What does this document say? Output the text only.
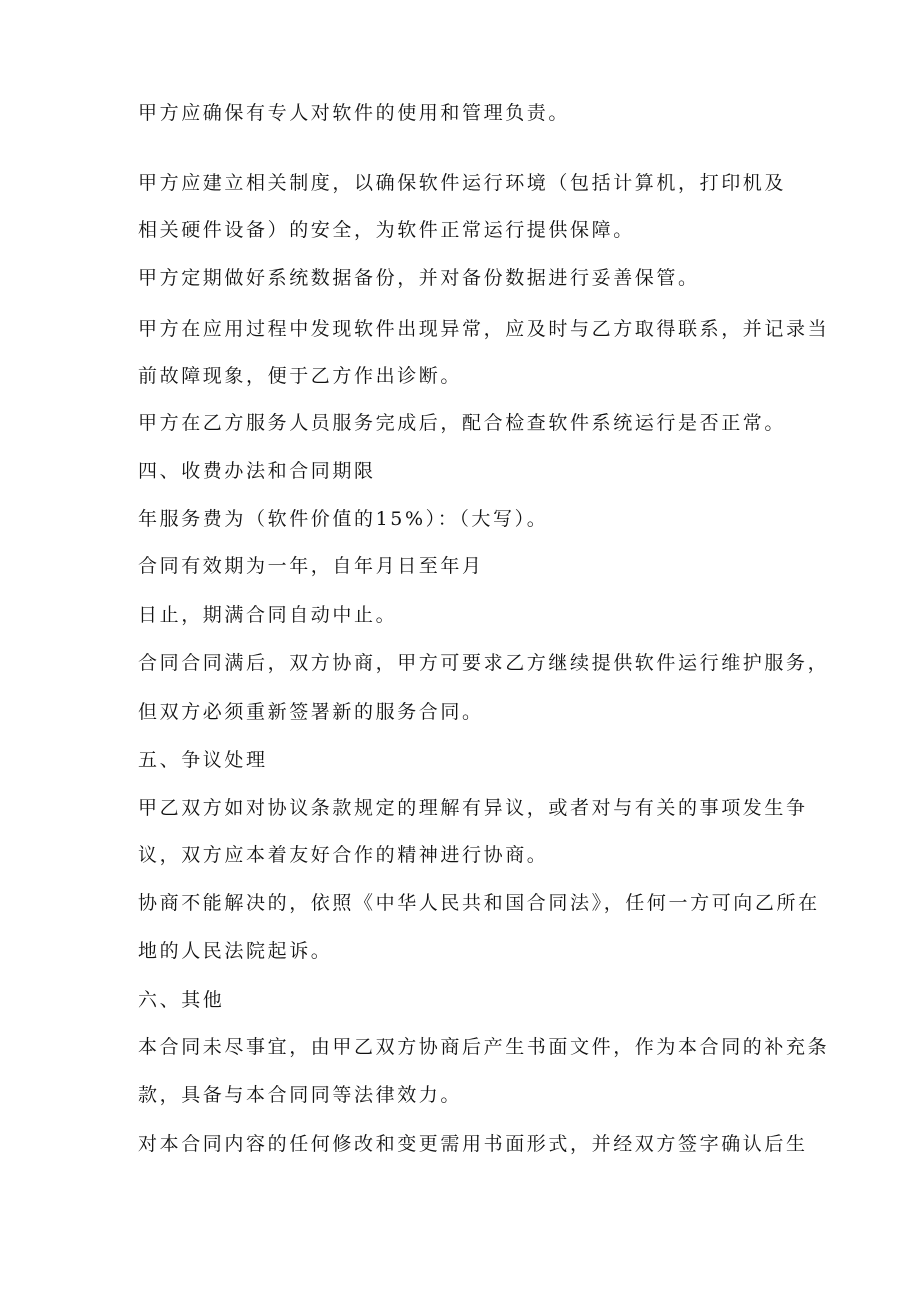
甲方应确保有专人对软件的使用和管理负责。

甲方应建立相关制度，以确保软件运行环境（包括计算机，打印机及

相关硬件设备）的安全，为软件正常运行提供保障。

甲方定期做好系统数据备份，并对备份数据进行妥善保管。

甲方在应用过程中发现软件出现异常，应及时与乙方取得联系，并记录当

前故障现象，便于乙方作出诊断。

甲方在乙方服务人员服务完成后，配合检查软件系统运行是否正常。

四、收费办法和合同期限

年服务费为（软件价值的15%）：（大写）。

合同有效期为一年，自年月日至年月

日止，期满合同自动中止。

合同合同满后，双方协商，甲方可要求乙方继续提供软件运行维护服务，

但双方必须重新签署新的服务合同。

五、争议处理

甲乙双方如对协议条款规定的理解有异议，或者对与有关的事项发生争

议，双方应本着友好合作的精神进行协商。

协商不能解决的，依照《中华人民共和国合同法》，任何一方可向乙所在

地的人民法院起诉。

六、其他

本合同未尽事宜，由甲乙双方协商后产生书面文件，作为本合同的补充条

款，具备与本合同同等法律效力。

对本合同内容的任何修改和变更需用书面形式，并经双方签字确认后生
